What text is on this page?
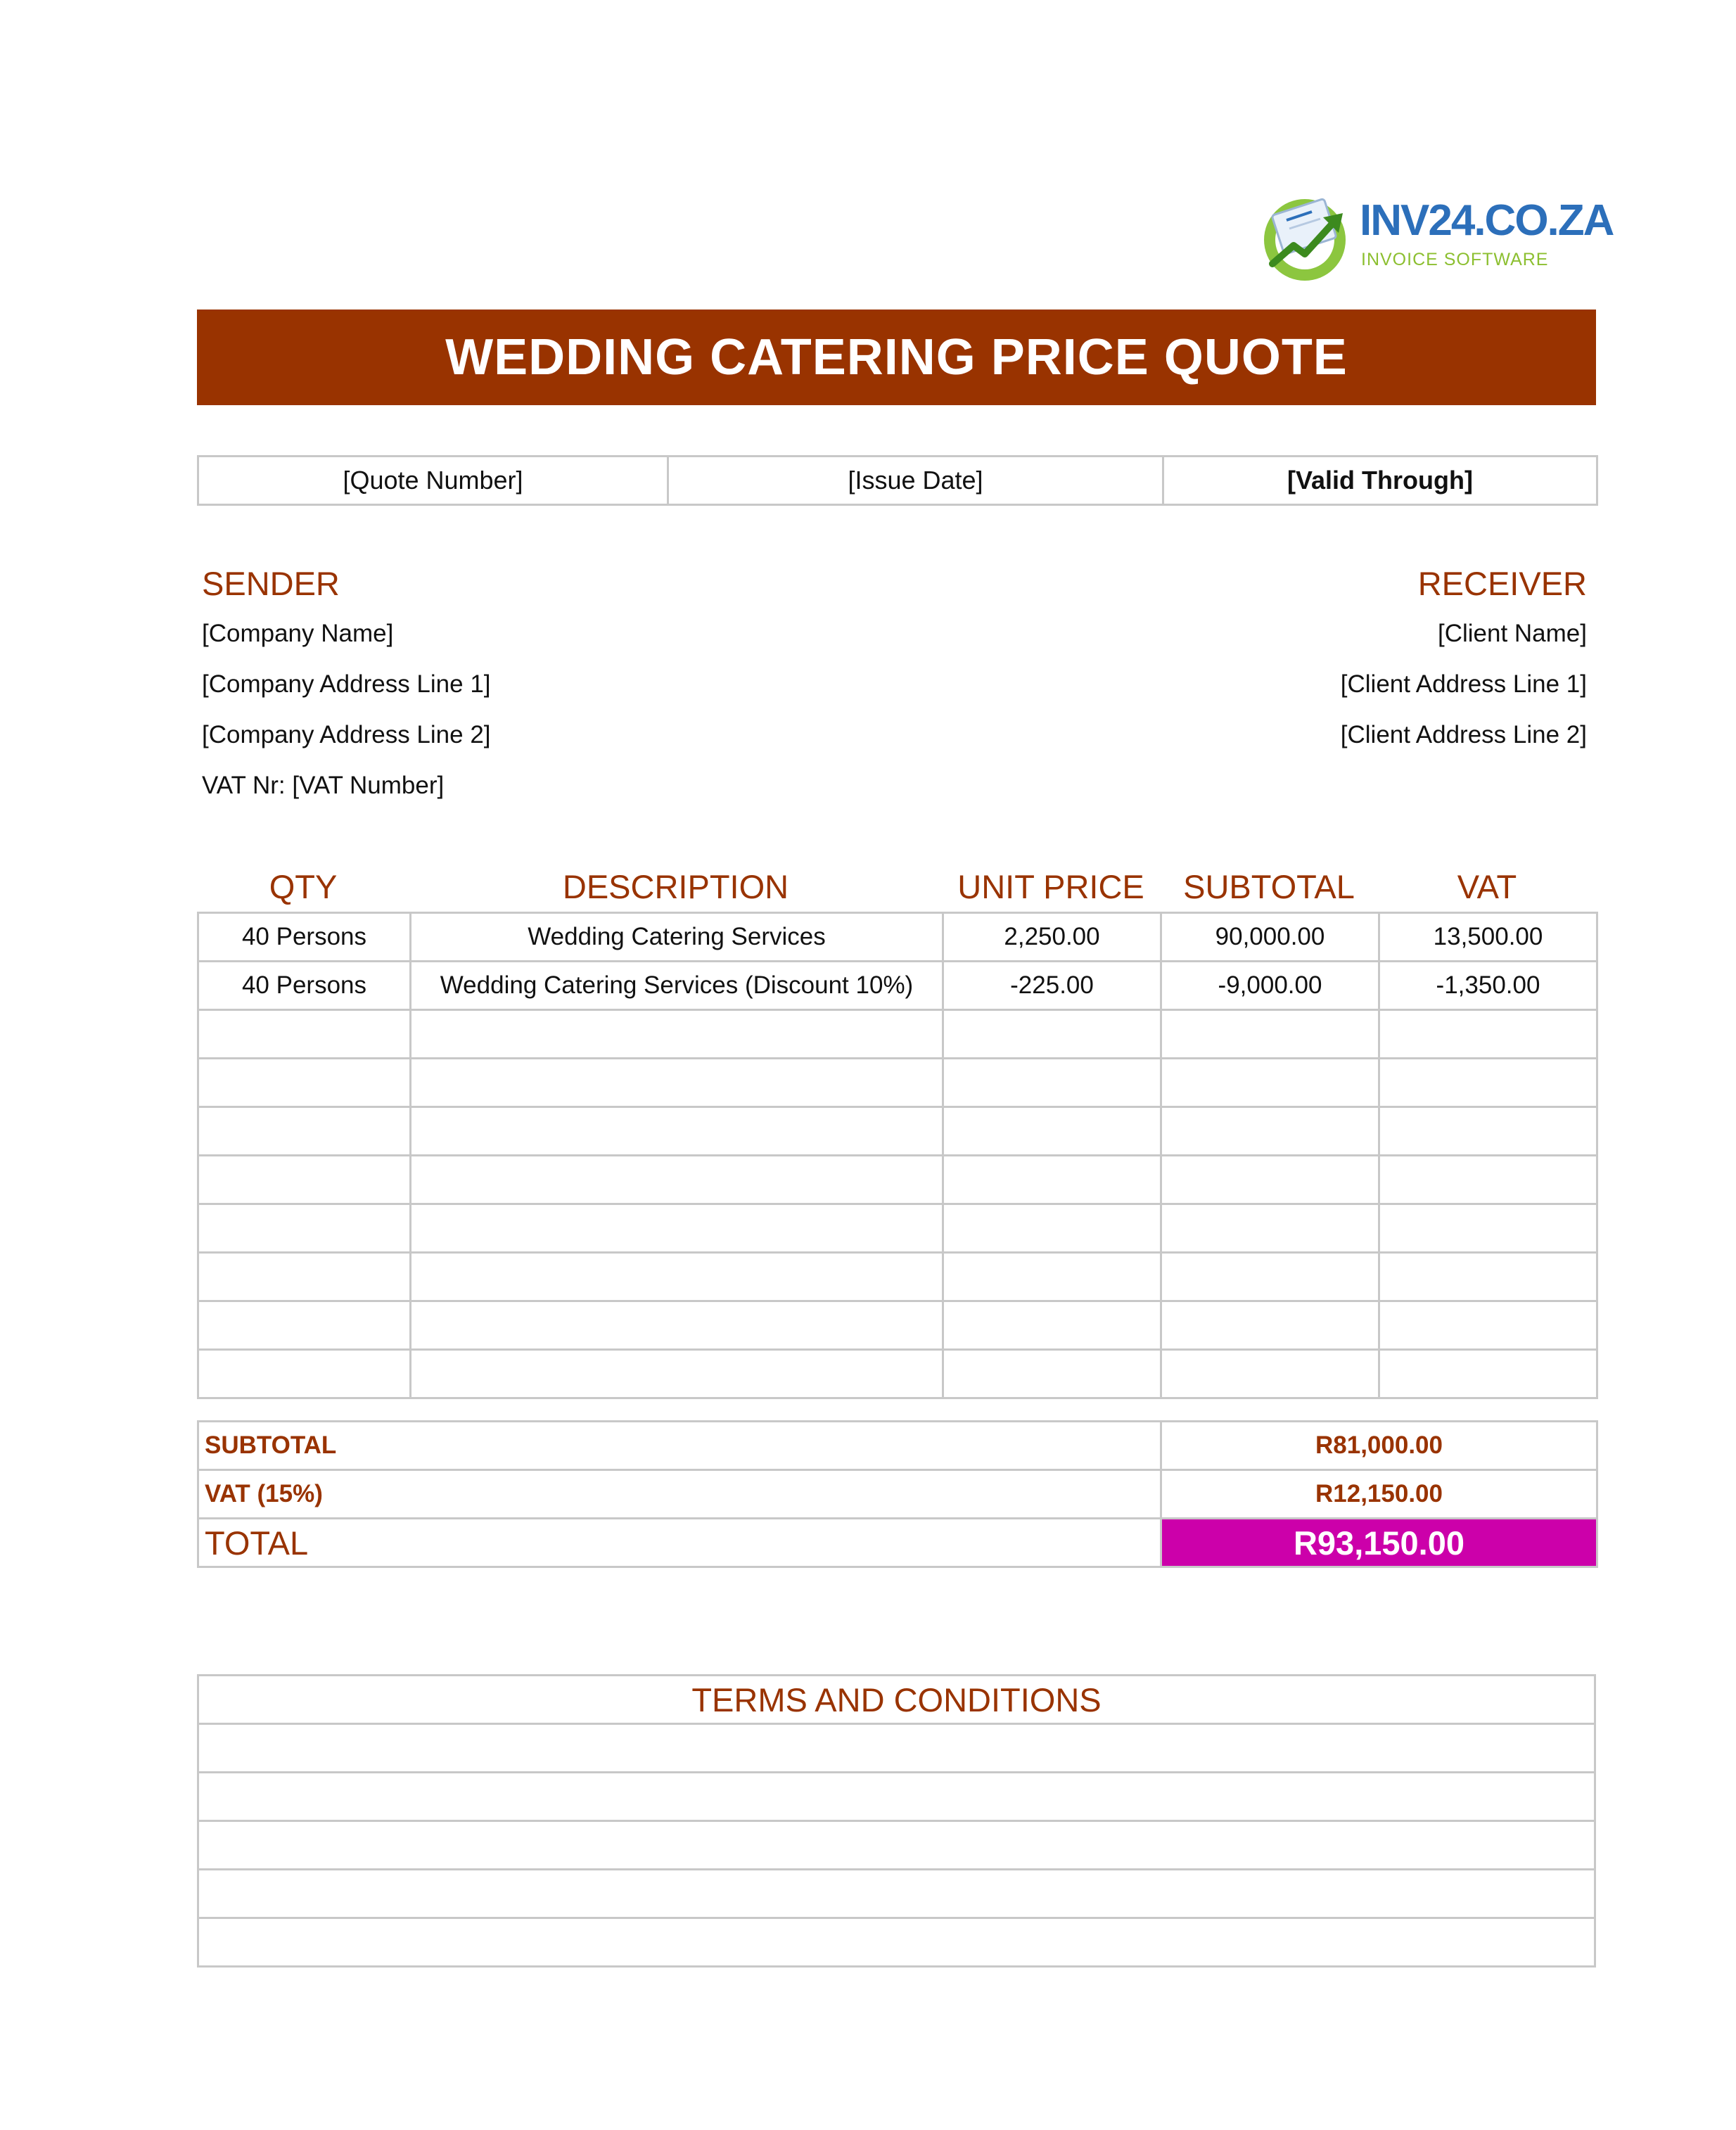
INV24.CO.ZA
INVOICE SOFTWARE
WEDDING CATERING PRICE QUOTE
[Quote Number]	[Issue Date]	[Valid Through]
SENDER
[Company Name]
[Company Address Line 1]
[Company Address Line 2]
VAT Nr: [VAT Number]
RECEIVER
[Client Name]
[Client Address Line 1]
[Client Address Line 2]
QTY	DESCRIPTION	UNIT PRICE	SUBTOTAL	VAT
40 Persons	Wedding Catering Services	2,250.00	90,000.00	13,500.00
40 Persons	Wedding Catering Services (Discount 10%)	-225.00	-9,000.00	-1,350.00

SUBTOTAL	R81,000.00
VAT (15%)	R12,150.00
TOTAL	R93,150.00
TERMS AND CONDITIONS
